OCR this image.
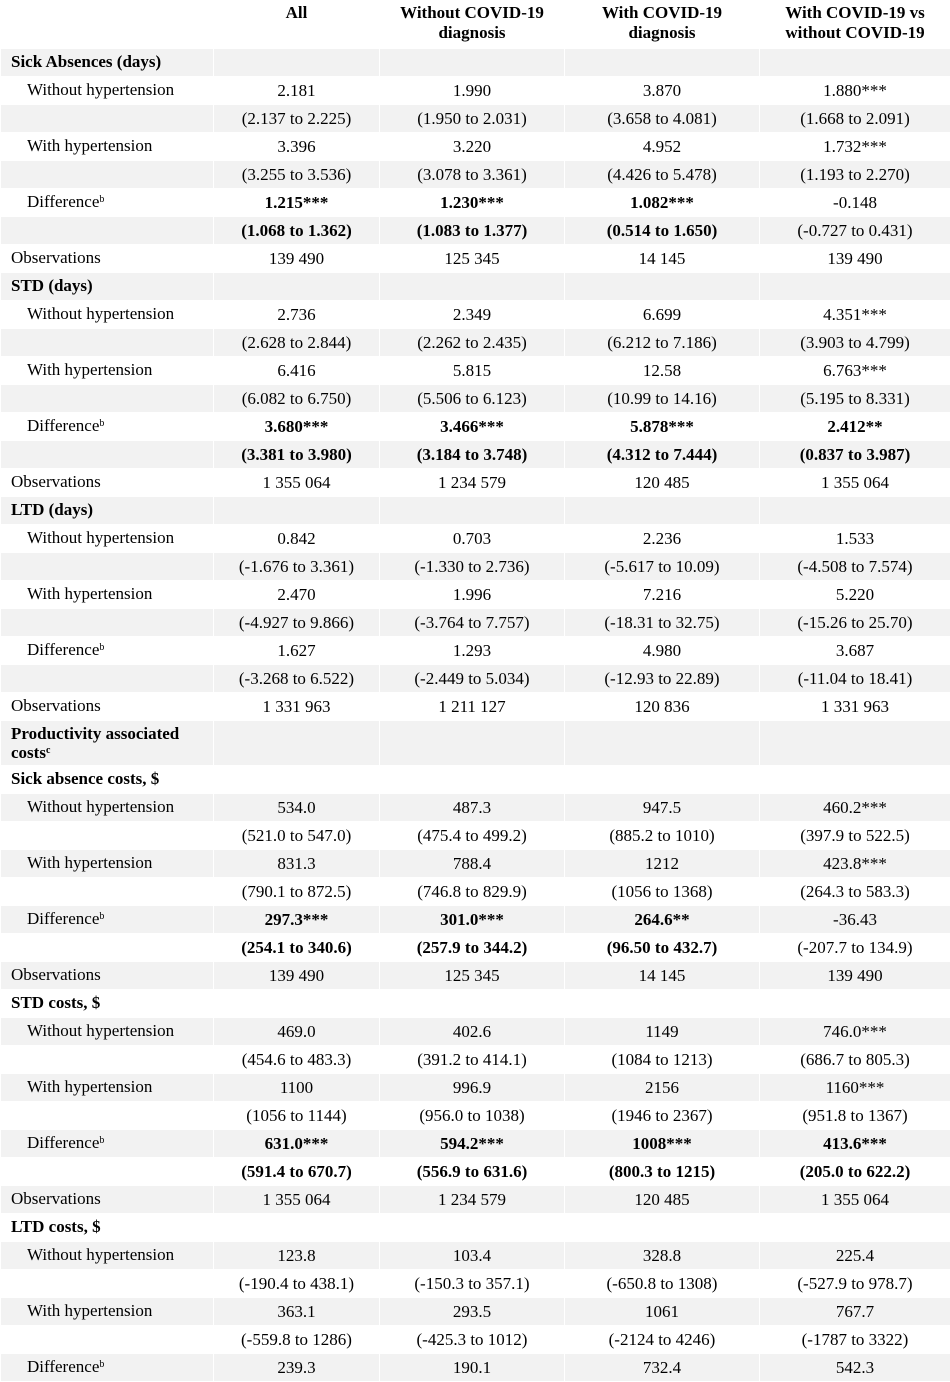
	All	Without COVID-19 diagnosis	With COVID-19 diagnosis	With COVID-19 vs without COVID-19
Sick Absences (days)				
Without hypertension	2.181	1.990	3.870	1.880***
	(2.137 to 2.225)	(1.950 to 2.031)	(3.658 to 4.081)	(1.668 to 2.091)
With hypertension	3.396	3.220	4.952	1.732***
	(3.255 to 3.536)	(3.078 to 3.361)	(4.426 to 5.478)	(1.193 to 2.270)
Difference$^b$	1.215***	1.230***	1.082***	-0.148
	(1.068 to 1.362)	(1.083 to 1.377)	(0.514 to 1.650)	(-0.727 to 0.431)
Observations	139 490	125 345	14 145	139 490
STD (days)				
Without hypertension	2.736	2.349	6.699	4.351***
	(2.628 to 2.844)	(2.262 to 2.435)	(6.212 to 7.186)	(3.903 to 4.799)
With hypertension	6.416	5.815	12.58	6.763***
	(6.082 to 6.750)	(5.506 to 6.123)	(10.99 to 14.16)	(5.195 to 8.331)
Difference$^b$	3.680***	3.466***	5.878***	2.412**
	(3.381 to 3.980)	(3.184 to 3.748)	(4.312 to 7.444)	(0.837 to 3.987)
Observations	1 355 064	1 234 579	120 485	1 355 064
LTD (days)				
Without hypertension	0.842	0.703	2.236	1.533
	(-1.676 to 3.361)	(-1.330 to 2.736)	(-5.617 to 10.09)	(-4.508 to 7.574)
With hypertension	2.470	1.996	7.216	5.220
	(-4.927 to 9.866)	(-3.764 to 7.757)	(-18.31 to 32.75)	(-15.26 to 25.70)
Difference$^b$	1.627	1.293	4.980	3.687
	(-3.268 to 6.522)	(-2.449 to 5.034)	(-12.93 to 22.89)	(-11.04 to 18.41)
Observations	1 331 963	1 211 127	120 836	1 331 963
Productivity associated costs$^c$				
Sick absence costs, $				
Without hypertension	534.0	487.3	947.5	460.2***
	(521.0 to 547.0)	(475.4 to 499.2)	(885.2 to 1010)	(397.9 to 522.5)
With hypertension	831.3	788.4	1212	423.8***
	(790.1 to 872.5)	(746.8 to 829.9)	(1056 to 1368)	(264.3 to 583.3)
Difference$^b$	297.3***	301.0***	264.6**	-36.43
	(254.1 to 340.6)	(257.9 to 344.2)	(96.50 to 432.7)	(-207.7 to 134.9)
Observations	139 490	125 345	14 145	139 490
STD costs, $				
Without hypertension	469.0	402.6	1149	746.0***
	(454.6 to 483.3)	(391.2 to 414.1)	(1084 to 1213)	(686.7 to 805.3)
With hypertension	1100	996.9	2156	1160***
	(1056 to 1144)	(956.0 to 1038)	(1946 to 2367)	(951.8 to 1367)
Difference$^b$	631.0***	594.2***	1008***	413.6***
	(591.4 to 670.7)	(556.9 to 631.6)	(800.3 to 1215)	(205.0 to 622.2)
Observations	1 355 064	1 234 579	120 485	1 355 064
LTD costs, $				
Without hypertension	123.8	103.4	328.8	225.4
	(-190.4 to 438.1)	(-150.3 to 357.1)	(-650.8 to 1308)	(-527.9 to 978.7)
With hypertension	363.1	293.5	1061	767.7
	(-559.8 to 1286)	(-425.3 to 1012)	(-2124 to 4246)	(-1787 to 3322)
Difference$^b$	239.3	190.1	732.4	542.3
